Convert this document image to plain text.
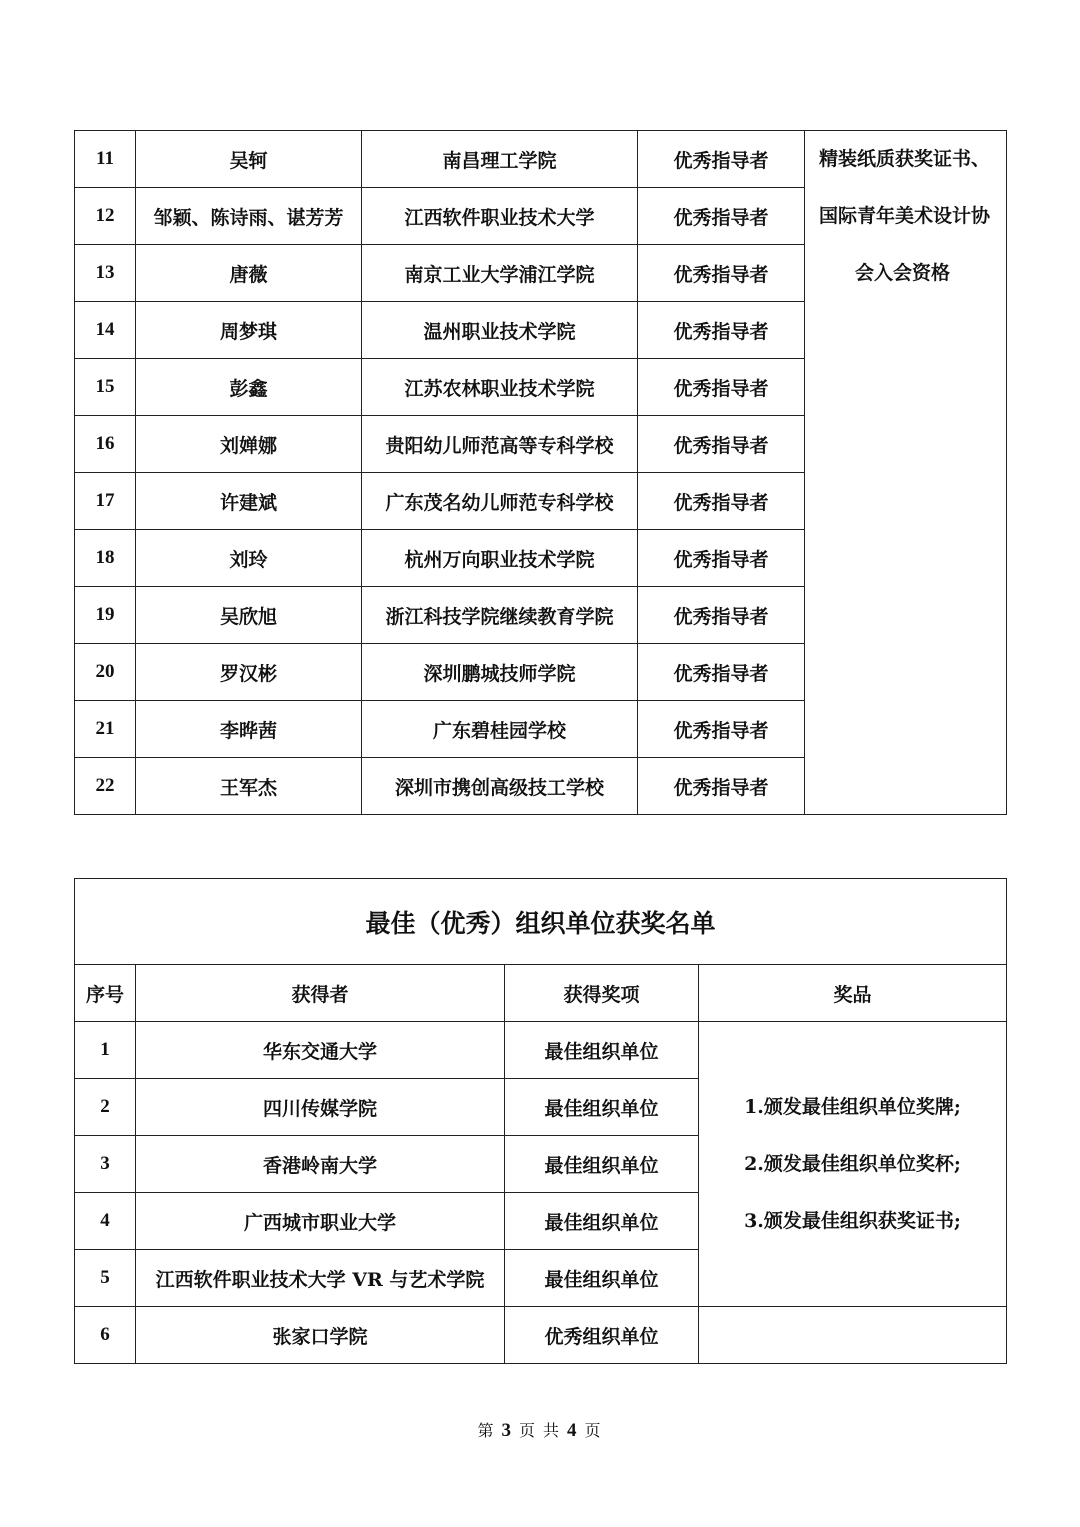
11	吴轲	南昌理工学院	优秀指导者	精装纸质获奖证书、
国际青年美术设计协
会入会资格

12	邹颖、陈诗雨、谌芳芳	江西软件职业技术大学	优秀指导者	
13	唐薇	南京工业大学浦江学院	优秀指导者	
14	周梦琪	温州职业技术学院	优秀指导者	
15	彭鑫	江苏农林职业技术学院	优秀指导者	
16	刘婵娜	贵阳幼儿师范高等专科学校	优秀指导者	
17	许建斌	广东茂名幼儿师范专科学校	优秀指导者	
18	刘玲	杭州万向职业技术学院	优秀指导者	
19	吴欣旭	浙江科技学院继续教育学院	优秀指导者	
20	罗汉彬	深圳鹏城技师学院	优秀指导者	
21	李晔茜	广东碧桂园学校	优秀指导者	
22	王军杰	深圳市携创高级技工学校	优秀指导者	
最佳（优秀）组织单位获奖名单			
序号	获得者	获得奖项	奖品
1	华东交通大学	最佳组织单位	1.颁发最佳组织单位奖牌;
2.颁发最佳组织单位奖杯;
3.颁发最佳组织获奖证书;

2	四川传媒学院	最佳组织单位	
3	香港岭南大学	最佳组织单位	
4	广西城市职业大学	最佳组织单位	
5	江西软件职业技术大学 VR 与艺术学院	最佳组织单位	
6	张家口学院	优秀组织单位	
第 3 页 共 4 页
